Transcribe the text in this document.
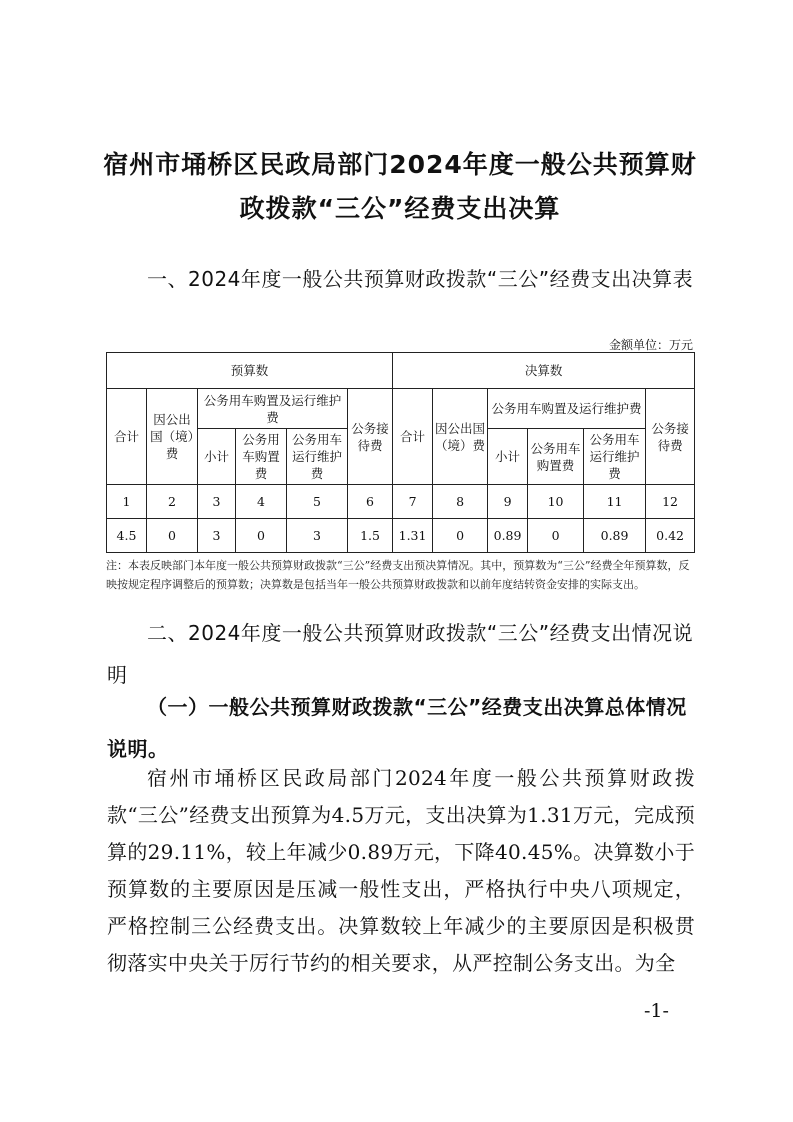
宿州市埇桥区民政局部门2024年度一般公共预算财政拨款“三公”经费支出决算
一、2024年度一般公共预算财政拨款“三公”经费支出决算表
金额单位：万元
预算数						决算数					
合计	因公出国（境）费	公务用车购置及运行维护费			公务接待费	合计	因公出国（境）费	公务用车购置及运行维护费			公务接待费
		小计	公务用车购置费	公务用车运行维护费				小计	公务用车购置费	公务用车运行维护费	
1	2	3	4	5	6	7	8	9	10	11	12
4.5	0	3	0	3	1.5	1.31	0	0.89	0	0.89	0.42
注：本表反映部门本年度一般公共预算财政拨款“三公”经费支出预决算情况。其中，预算数为“三公”经费全年预算数，反映按规定程序调整后的预算数；决算数是包括当年一般公共预算财政拨款和以前年度结转资金安排的实际支出。
二、2024年度一般公共预算财政拨款“三公”经费支出情况说明
（一）一般公共预算财政拨款“三公”经费支出决算总体情况说明。
宿州市埇桥区民政局部门2024年度一般公共预算财政拨款“三公”经费支出预算为4.5万元，支出决算为1.31万元，完成预算的29.11%，较上年减少0.89万元，下降40.45%。决算数小于预算数的主要原因是压减一般性支出，严格执行中央八项规定，严格控制三公经费支出。决算数较上年减少的主要原因是积极贯彻落实中央关于厉行节约的相关要求，从严控制公务支出。为全
-1-
